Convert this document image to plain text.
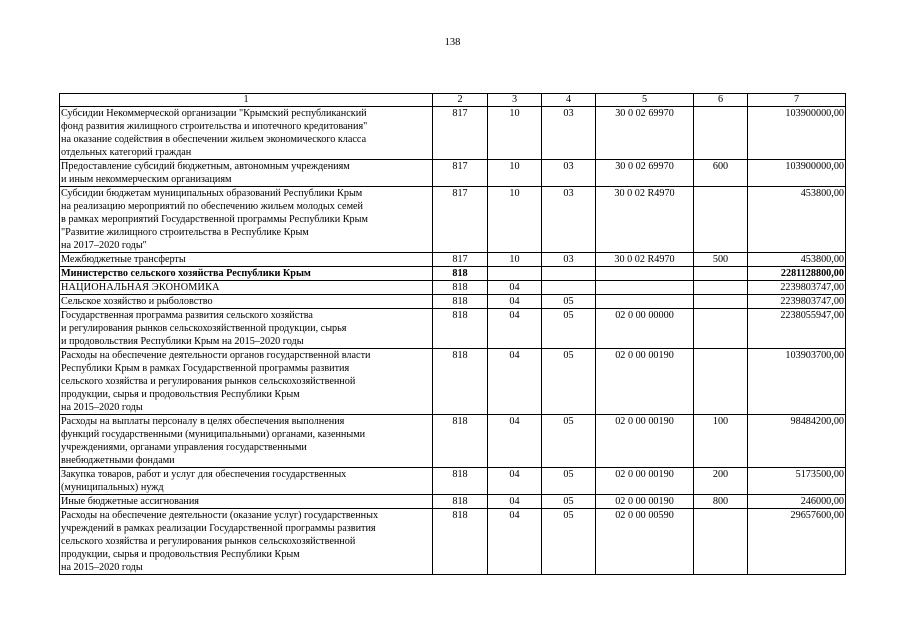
138
1	2	3	4	5	6	7
Субсидии Некоммерческой организации "Крымский республиканский
фонд развития жилищного строительства и ипотечного кредитования"
на оказание содействия в обеспечении жильем экономического класса
отдельных категорий граждан	817	10	03	30 0 02 69970		103900000,00
Предоставление субсидий бюджетным, автономным учреждениям
и иным некоммерческим организациям	817	10	03	30 0 02 69970	600	103900000,00
Субсидии бюджетам муниципальных образований Республики Крым
на реализацию мероприятий по обеспечению жильем молодых семей
в рамках мероприятий Государственной программы Республики Крым
"Развитие жилищного строительства в Республике Крым
на 2017–2020 годы"	817	10	03	30 0 02 R4970		453800,00
Межбюджетные трансферты	817	10	03	30 0 02 R4970	500	453800,00
Министерство сельского хозяйства Республики Крым	818					2281128800,00
НАЦИОНАЛЬНАЯ ЭКОНОМИКА	818	04				2239803747,00
Сельское хозяйство и рыболовство	818	04	05			2239803747,00
Государственная программа развития сельского хозяйства
и регулирования рынков сельскохозяйственной продукции, сырья
и продовольствия Республики Крым на 2015–2020 годы	818	04	05	02 0 00 00000		2238055947,00
Расходы на обеспечение деятельности органов государственной власти
Республики Крым в рамках Государственной программы развития
сельского хозяйства и регулирования рынков сельскохозяйственной
продукции, сырья и продовольствия Республики Крым
на 2015–2020 годы	818	04	05	02 0 00 00190		103903700,00
Расходы на выплаты персоналу в целях обеспечения выполнения
функций государственными (муниципальными) органами, казенными
учреждениями, органами управления государственными
внебюджетными фондами	818	04	05	02 0 00 00190	100	98484200,00
Закупка товаров, работ и услуг для обеспечения государственных
(муниципальных) нужд	818	04	05	02 0 00 00190	200	5173500,00
Иные бюджетные ассигнования	818	04	05	02 0 00 00190	800	246000,00
Расходы на обеспечение деятельности (оказание услуг) государственных
учреждений в рамках реализации Государственной программы развития
сельского хозяйства и регулирования рынков сельскохозяйственной
продукции, сырья и продовольствия Республики Крым
на 2015–2020 годы	818	04	05	02 0 00 00590		29657600,00
